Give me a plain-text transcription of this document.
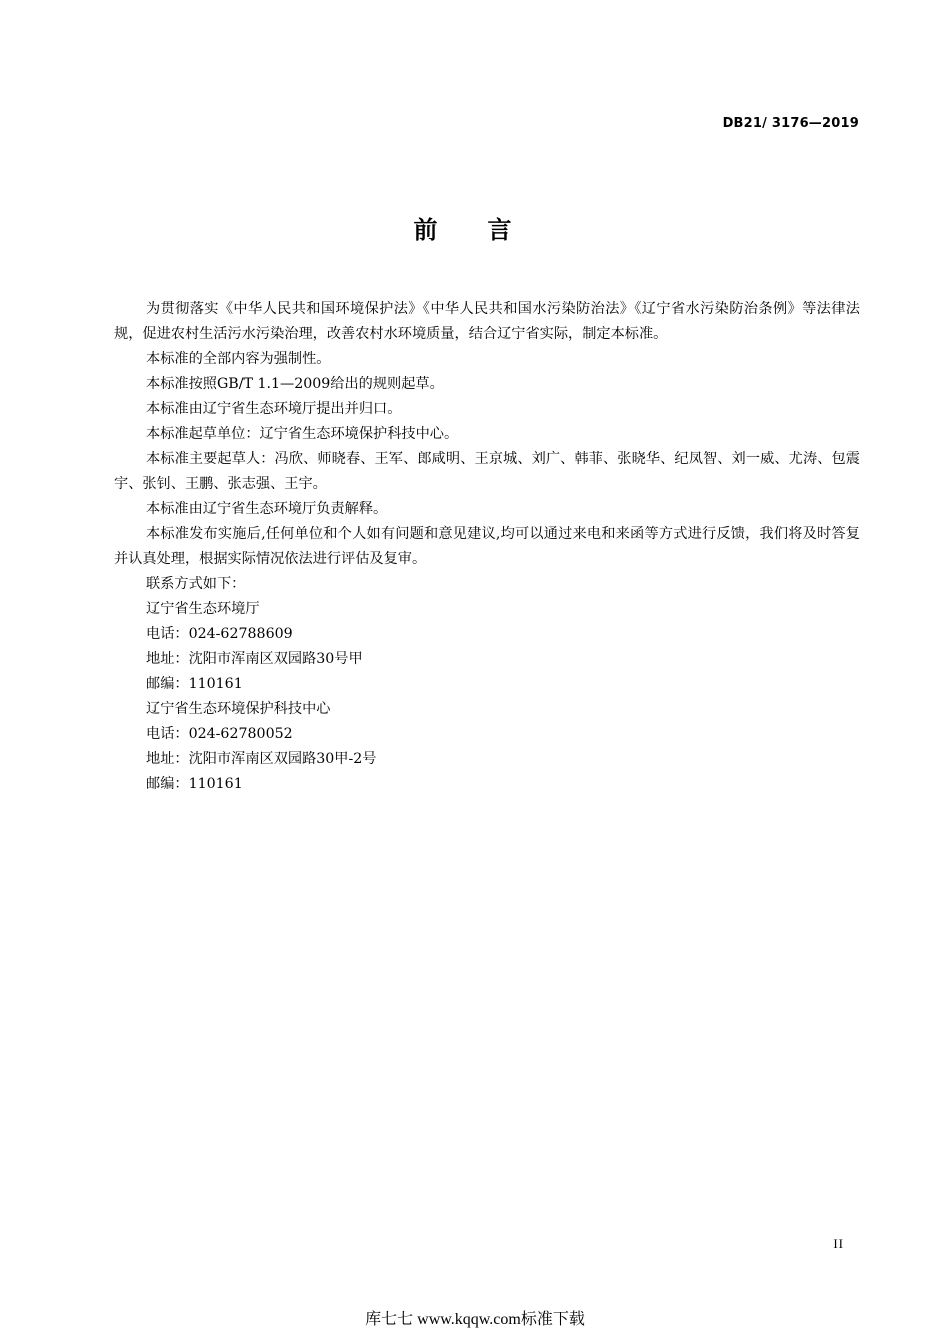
DB21/ 3176—2019
前言

为贯彻落实《中华人民共和国环境保护法》《中华人民共和国水污染防治法》《辽宁省水污染防治条例》等法律法规，促进农村生活污水污染治理，改善农村水环境质量，结合辽宁省实际，制定本标准。

本标准的全部内容为强制性。

本标准按照GB/T 1.1—2009给出的规则起草。

本标准由辽宁省生态环境厅提出并归口。

本标准起草单位：辽宁省生态环境保护科技中心。

本标准主要起草人：冯欣、师晓春、王军、郎咸明、王京城、刘广、韩菲、张晓华、纪凤智、刘一威、尤涛、包震宇、张钊、王鹏、张志强、王宇。

本标准由辽宁省生态环境厅负责解释。

本标准发布实施后,任何单位和个人如有问题和意见建议,均可以通过来电和来函等方式进行反馈，我们将及时答复并认真处理，根据实际情况依法进行评估及复审。

联系方式如下：

辽宁省生态环境厅

电话：024-62788609

地址：沈阳市浑南区双园路30号甲

邮编：110161

辽宁省生态环境保护科技中心

电话：024-62780052

地址：沈阳市浑南区双园路30甲-2号

邮编：110161

II
库七七 www.kqqw.com标准下载
